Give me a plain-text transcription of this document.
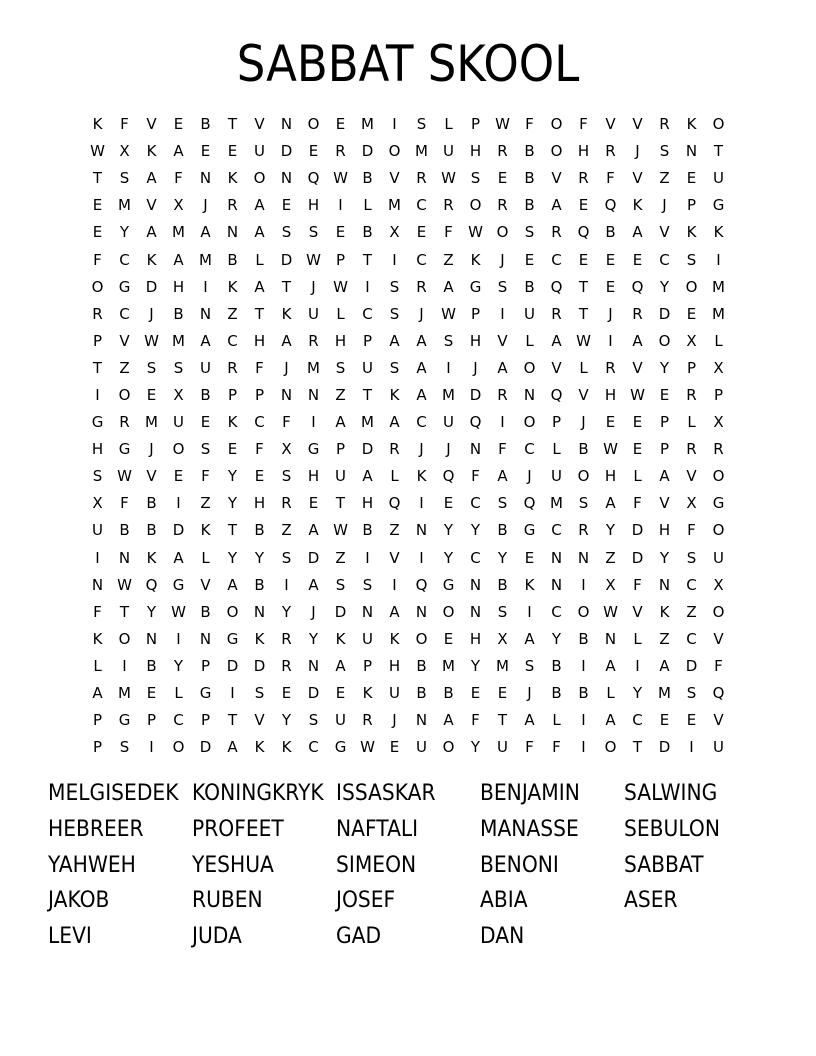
SABBAT SKOOL
K	F	V	E	B	T	V	N	O	E	M	I	S	L	P	W	F	O	F	V	V	R	K	O
W X	K	A	E	E	U	D	E	R	D	O M	U	H	R	B	O	H	R	J	S	N	T
T	S	A	F	N	K	O	N	Q W B	V	R W S	E	B	V	R	F	V	Z	E	U
E	M	V	X	J	R	A	E	H	I	L	M	C	R	O	R	B	A	E	Q	K	J	P	G
E	Y	A	M	A	N	A	S	S	E	B	X	E	F	W O	S	R	Q	B	A	V	K	K
F	C	K	A	M	B	L	D W	P	T	I	C	Z	K	J	E	C	E	E	E	C	S	I
O	G	D	H	I	K	A	T	J	W	I	S	R	A	G	S	B	Q	T	E	Q	Y	O M
R	C	J	B	N	Z	T	K	U	L	C	S	J	W	P	I	U	R	T	J	R	D	E	M
P	V W M	A	C	H	A	R	H	P	A	A	S	H	V	L	A W	I	A	O	X	L
T	Z	S	S	U	R	F	J	M	S	U	S	A	I	J	A	O	V	L	R	V	Y	P	X
I	O	E	X	B	P	P	N	N	Z	T	K	A	M D	R	N	Q	V	H W E	R	P
G	R	M	U	E	K	C	F	I	A	M	A	C	U	Q	I	O	P	J	E	E	P	L	X
H	G	J	O	S	E	F	X	G	P	D	R	J	J	N	F	C	L	B W E	P	R	R
S W V	E	F	Y	E	S	H	U	A	L	K	Q	F	A	J	U	O	H	L	A	V	O
X	F	B	I	Z	Y	H	R	E	T	H	Q	I	E	C	S	Q M	S	A	F	V	X	G
U	B	B	D	K	T	B	Z	A W B	Z	N	Y	Y	B	G	C	R	Y	D	H	F	O
I	N	K	A	L	Y	Y	S	D	Z	I	V	I	Y	C	Y	E	N	N	Z	D	Y	S	U
N W Q	G	V	A	B	I	A	S	S	I	Q	G	N	B	K	N	I	X	F	N	C	X
F	T	Y	W B	O	N	Y	J	D	N	A	N	O	N	S	I	C	O W V	K	Z	O
K	O	N	I	N	G	K	R	Y	K	U	K	O	E	H	X	A	Y	B	N	L	Z	C	V
L	I	B	Y	P	D	D	R	N	A	P	H	B	M	Y	M	S	B	I	A	I	A	D	F
A	M	E	L	G	I	S	E	D	E	K	U	B	B	E	E	J	B	B	L	Y	M	S	Q
P	G	P	C	P	T	V	Y	S	U	R	J	N	A	F	T	A	L	I	A	C	E	E	V
P	S	I	O	D	A	K	K	C	G W E	U	O	Y	U	F	F	I	O	T	D	I	U
MELGISEDEK KONINGKRYK ISSASKAR	BENJAMIN	SALWING
HEBREER	PROFEET	NAFTALI	MANASSE	SEBULON
YAHWEH	YESHUA	SIMEON	BENONI	SABBAT
JAKOB	RUBEN	JOSEF	ABIA	ASER
LEVI	JUDA	GAD	DAN
